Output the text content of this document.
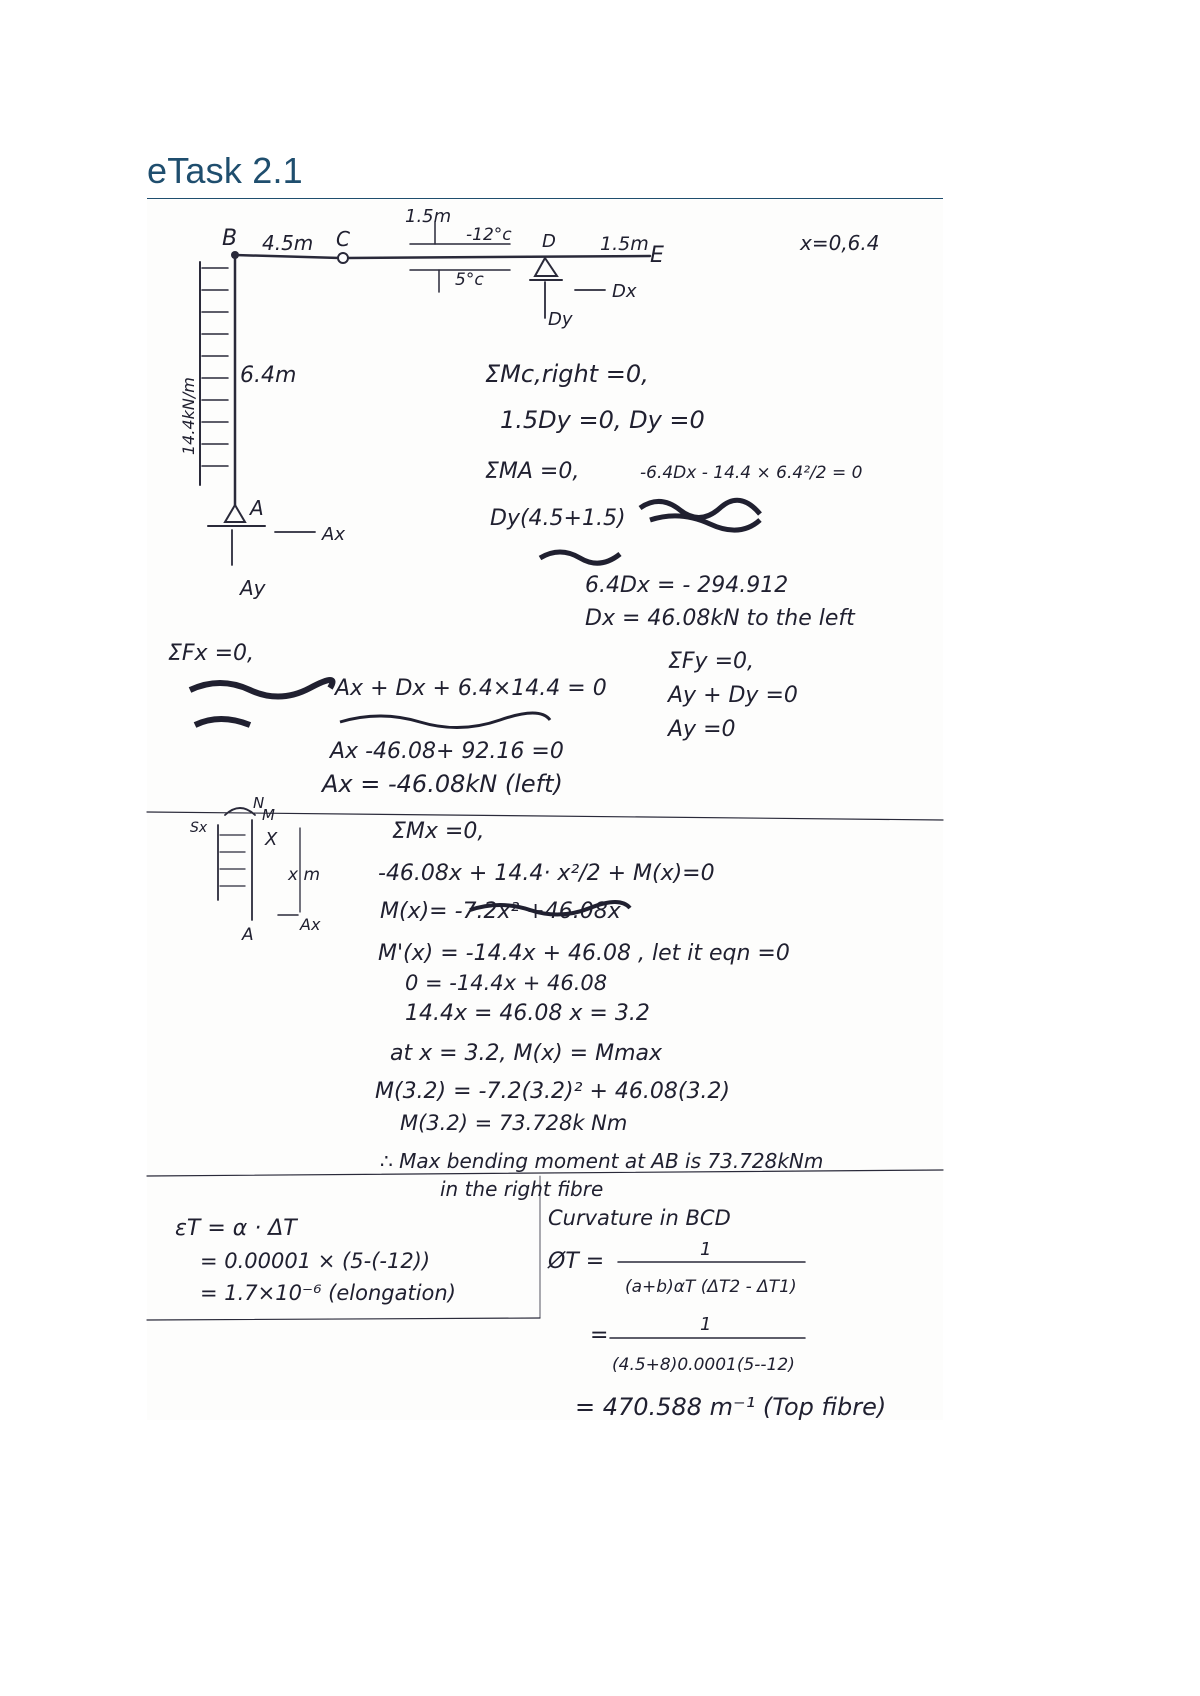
eTask 2.1
B 4.5m C
1.5m
-12°c
5°c
D 1.5m E	x=0,6.4
Dx
Dy
6.4m
14.4kN/m
A
Ax
Ay
ΣMc,right =0,
1.5Dy =0, Dy =0
ΣMA =0,	-6.4Dx - 14.4 × 6.4²/2 = 0
Dy(4.5+1.5)
6.4Dx = - 294.912
Dx = 46.08kN to the left
ΣFx =0,
Ax + Dx + 6.4×14.4 = 0
Ax -46.08+ 92.16 =0
Ax = -46.08kN (left)
ΣFy =0,
Ay + Dy =0
Ay =0
N
M
Sx
X
x m
A
Ax
ΣMx =0,
-46.08x + 14.4· x²/2 + M(x)=0
M(x)= -7.2x² +46.08x
M'(x) = -14.4x + 46.08 , let it eqn =0
0 = -14.4x + 46.08
14.4x = 46.08 x = 3.2
at x = 3.2, M(x) = Mmax
M(3.2) = -7.2(3.2)² + 46.08(3.2)
M(3.2) = 73.728k Nm
∴ Max bending moment at AB is 73.728kNm
in the right fibre
εT = α · ΔT
= 0.00001 × (5-(-12))
= 1.7×10⁻⁶ (elongation)
Curvature in BCD
ØT =	1
(a+b)αT (ΔT2 - ΔT1)
=	1
(4.5+8)0.0001(5--12)
= 470.588 m⁻¹ (Top fibre)
